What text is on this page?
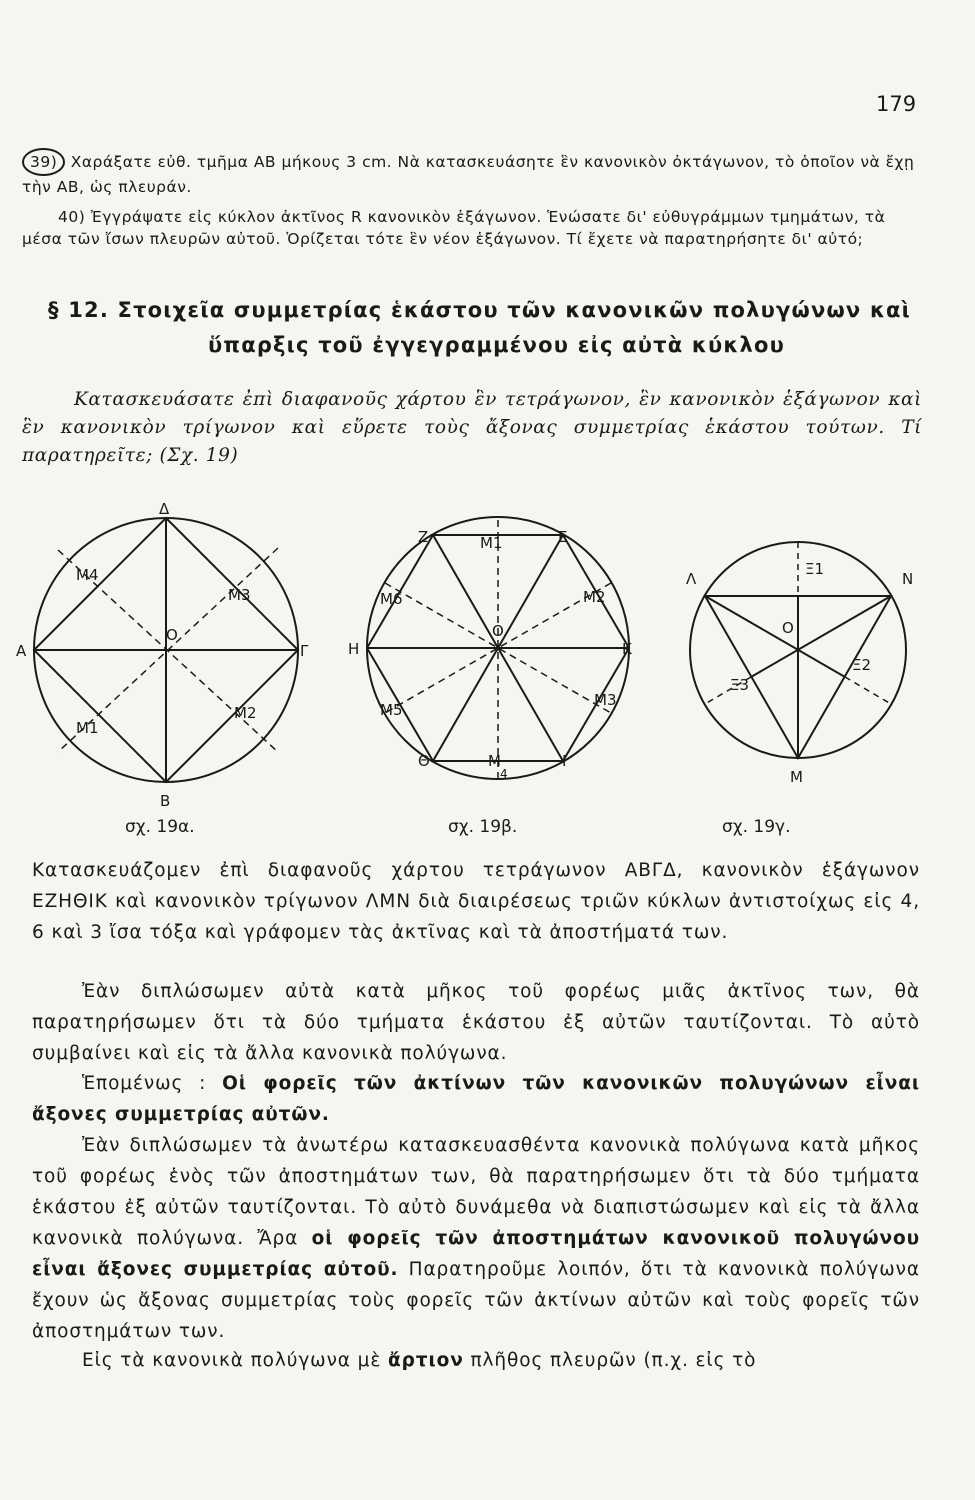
179
39) Χαράξατε εὐθ. τμῆμα ΑΒ μήκους 3 cm. Νὰ κατασκευάσητε ἓν κανονικὸν ὀκτάγωνον, τὸ ὁποῖον νὰ ἔχῃ τὴν ΑΒ, ὡς πλευράν.
40) Ἐγγράψατε εἰς κύκλον ἀκτῖνος R κανονικὸν ἑξάγωνον. Ἑνώσατε δι' εὐθυγράμμων τμημάτων, τὰ μέσα τῶν ἴσων πλευρῶν αὐτοῦ. Ὁρίζεται τότε ἓν νέον ἑξάγωνον. Τί ἔχετε νὰ παρατηρήσητε δι' αὐτό;
§ 12. Στοιχεῖα συμμετρίας ἑκάστου τῶν κανονικῶν πολυγώνων καὶ
ὕπαρξις τοῦ ἐγγεγραμμένου εἰς αὐτὰ κύκλου
Κατασκευάσατε ἐπὶ διαφανοῦς χάρτου ἓν τετράγωνον, ἓν κανονικὸν ἑξάγωνον καὶ ἓν κανονικὸν τρίγωνον καὶ εὕρετε τοὺς ἄξονας συμμετρίας ἑκάστου τούτων. Τί παρατηρεῖτε; (Σχ. 19)
Δ
Β
Α	Γ
Ο
Μ4
Μ3
Μ2
Μ1
σχ. 19α.
Ζ	Ε
Η	Κ
Θ	Ι
Ο
Μ1
Μ2
Μ3
Μ
4
Μ5
Μ6
σχ. 19β.
Λ	Ν
Μ
Ο
Ξ1
Ξ2
Ξ3
σχ. 19γ.
Κατασκευάζομεν ἐπὶ διαφανοῦς χάρτου τετράγωνον ΑΒΓΔ, κανονικὸν ἑξάγωνον ΕΖΗΘΙΚ καὶ κανονικὸν τρίγωνον ΛΜΝ διὰ διαιρέσεως τριῶν κύκλων ἀντιστοίχως εἰς 4, 6 καὶ 3 ἴσα τόξα καὶ γράφομεν τὰς ἀκτῖνας καὶ τὰ ἀποστήματά των.
Ἐὰν διπλώσωμεν αὐτὰ κατὰ μῆκος τοῦ φορέως μιᾶς ἀκτῖνος των, θὰ παρατηρήσωμεν ὅτι τὰ δύο τμήματα ἑκάστου ἐξ αὐτῶν ταυτίζονται. Τὸ αὐτὸ συμβαίνει καὶ εἰς τὰ ἄλλα κανονικὰ πολύγωνα.
Ἑπομένως : Οἱ φορεῖς τῶν ἀκτίνων τῶν κανονικῶν πολυγώνων εἶναι ἄξονες συμμετρίας αὐτῶν.
Ἐὰν διπλώσωμεν τὰ ἀνωτέρω κατασκευασθέντα κανονικὰ πολύγωνα κατὰ μῆκος τοῦ φορέως ἑνὸς τῶν ἀποστημάτων των, θὰ παρατηρήσωμεν ὅτι τὰ δύο τμήματα ἑκάστου ἐξ αὐτῶν ταυτίζονται. Τὸ αὐτὸ δυνάμεθα νὰ διαπιστώσωμεν καὶ εἰς τὰ ἄλλα κανονικὰ πολύγωνα. Ἄρα οἱ φορεῖς τῶν ἀποστημάτων κανονικοῦ πολυγώνου εἶναι ἄξονες συμμετρίας αὐτοῦ. Παρατηροῦμε λοιπόν, ὅτι τὰ κανονικὰ πολύγωνα ἔχουν ὡς ἄξονας συμμετρίας τοὺς φορεῖς τῶν ἀκτίνων αὐτῶν καὶ τοὺς φορεῖς τῶν ἀποστημάτων των.
Εἰς τὰ κανονικὰ πολύγωνα μὲ ἄρτιον πλῆθος πλευρῶν (π.χ. εἰς τὸ
